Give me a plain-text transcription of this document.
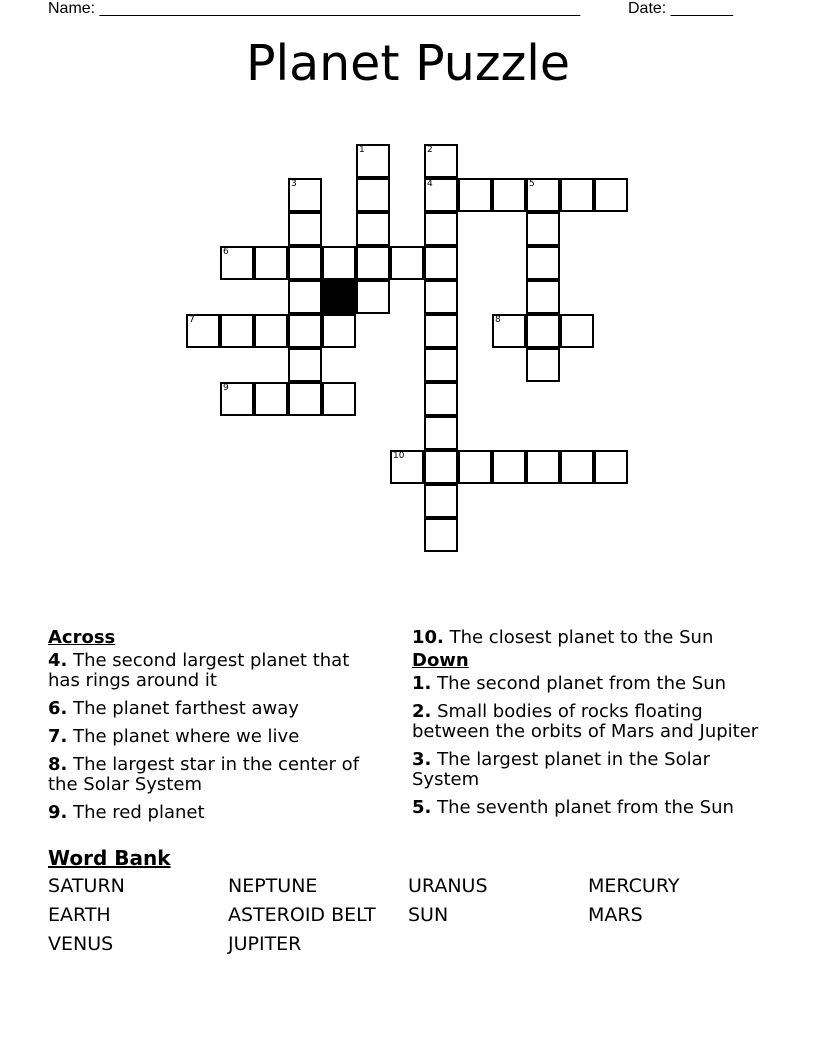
Name: ______________________________________________________	Date: _______
Planet Puzzle
1	2
3	4	5
6
7	8
9
10
Across
4. The second largest planet that has rings around it
6. The planet farthest away
7. The planet where we live
8. The largest star in the center of the Solar System
9. The red planet
10. The closest planet to the Sun
Down
1. The second planet from the Sun
2. Small bodies of rocks floating between the orbits of Mars and Jupiter
3. The largest planet in the Solar System
5. The seventh planet from the Sun
Word Bank
SATURN	NEPTUNE	URANUS	MERCURY
EARTH	ASTEROID BELT	SUN	MARS
VENUS	JUPITER
